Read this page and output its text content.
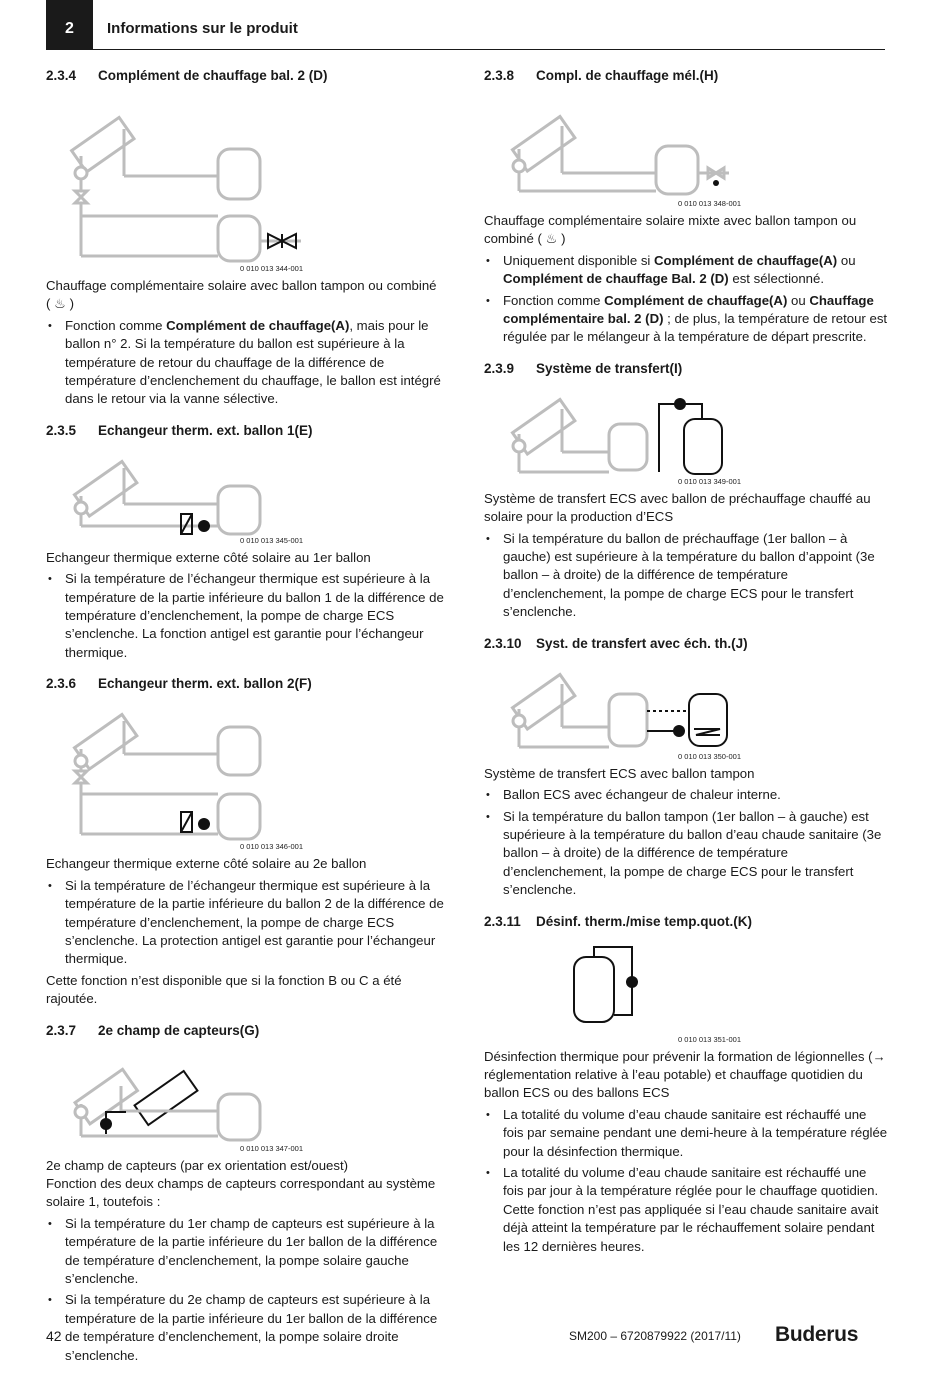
2	Informations sur le produit
2.3.4	Complément de chauffage bal. 2 (D)
0 010 013 344-001

Chauffage complémentaire solaire avec ballon tampon ou combiné
( ♨ )

• Fonction comme Complément de chauffage(A), mais pour le ballon n° 2. Si la température du ballon est supérieure à la température de retour du chauffage de la différence de température d’enclenchement du chauffage, le ballon est intégré dans le retour via la vanne sélective.
2.3.5	Echangeur therm. ext. ballon 1(E)
0 010 013 345-001

Echangeur thermique externe côté solaire au 1er ballon

• Si la température de l’échangeur thermique est supérieure à la température de la partie inférieure du ballon 1 de la différence de température d’enclenchement, la pompe de charge ECS s’enclenche. La fonction antigel est garantie pour l’échangeur thermique.
2.3.6	Echangeur therm. ext. ballon 2(F)
0 010 013 346-001

Echangeur thermique externe côté solaire au 2e ballon

• Si la température de l’échangeur thermique est supérieure à la température de la partie inférieure du ballon 2 de la différence de température d’enclenchement, la pompe de charge ECS s’enclenche. La protection antigel est garantie pour l’échangeur thermique.

Cette fonction n’est disponible que si la fonction B ou C a été rajoutée.

2.3.7	2e champ de capteurs(G)
0 010 013 347-001

2e champ de capteurs (par ex orientation est/ouest)

Fonction des deux champs de capteurs correspondant au système solaire 1, toutefois :

• Si la température du 1er champ de capteurs est supérieure à la température de la partie inférieure du 1er ballon de la différence de température d’enclenchement, la pompe solaire gauche s’enclenche.
• Si la température du 2e champ de capteurs est supérieure à la température de la partie inférieure du 1er ballon de la différence de température d’enclenchement, la pompe solaire droite s’enclenche.
2.3.8	Compl. de chauffage mél.(H)
0 010 013 348-001

Chauffage complémentaire solaire mixte avec ballon tampon ou combiné ( ♨ )

• Uniquement disponible si Complément de chauffage(A) ou Complément de chauffage Bal. 2 (D) est sélectionné.
• Fonction comme Complément de chauffage(A) ou Chauffage complémentaire bal. 2 (D) ; de plus, la température de retour est régulée par le mélangeur à la température de départ prescrite.
2.3.9	Système de transfert(I)
0 010 013 349-001

Système de transfert ECS avec ballon de préchauffage chauffé au solaire pour la production d’ECS

• Si la température du ballon de préchauffage (1er ballon – à gauche) est supérieure à la température du ballon d’appoint (3e ballon – à droite) de la différence de température d’enclenchement, la pompe de charge ECS pour le transfert s’enclenche.
2.3.10	Syst. de transfert avec éch. th.(J)
0 010 013 350-001

Système de transfert ECS avec ballon tampon

• Ballon ECS avec échangeur de chaleur interne.
• Si la température du ballon tampon (1er ballon – à gauche) est supérieure à la température du ballon d’eau chaude sanitaire (3e ballon – à droite) de la différence de température d’enclenchement, la pompe de charge ECS pour le transfert s’enclenche.
2.3.11	Désinf. therm./mise temp.quot.(K)
0 010 013 351-001

Désinfection thermique pour prévenir la formation de légionnelles (→ réglementation relative à l’eau potable) et chauffage quotidien du ballon ECS ou des ballons ECS

• La totalité du volume d’eau chaude sanitaire est réchauffé une fois par semaine pendant une demi-heure à la température réglée pour la désinfection thermique.
• La totalité du volume d’eau chaude sanitaire est réchauffé une fois par jour à la température réglée pour le chauffage quotidien. Cette fonction n’est pas appliquée si l’eau chaude sanitaire avait déjà atteint la température par le réchauffement solaire pendant les 12 dernières heures.
42	SM200 – 6720879922 (2017/11) Buderus
